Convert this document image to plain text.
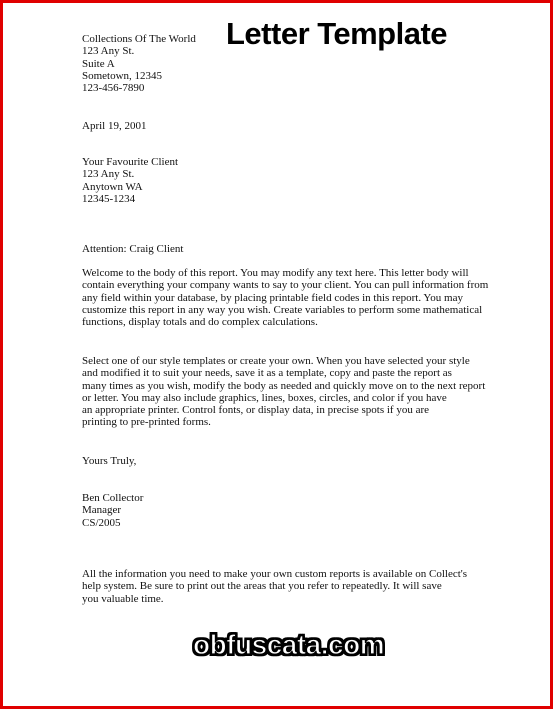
Letter Template
Collections Of The World
123 Any St.
Suite A
Sometown, 12345
123-456-7890
April 19, 2001
Your Favourite Client
123 Any St.
Anytown WA
12345-1234
Attention: Craig Client
Welcome to the body of this report. You may modify any text here. This letter body will
contain everything your company wants to say to your client. You can pull information from
any field within your database, by placing printable field codes in this report. You may
customize this report in any way you wish. Create variables to perform some mathematical
functions, display totals and do complex calculations.
Select one of our style templates or create your own. When you have selected your style
and modified it to suit your needs, save it as a template, copy and paste the report as
many times as you wish, modify the body as needed and quickly move on to the next report
or letter. You may also include graphics, lines, boxes, circles, and color if you have
an appropriate printer. Control fonts, or display data, in precise spots if you are
printing to pre-printed forms.
Yours Truly,
Ben Collector
Manager
CS/2005
All the information you need to make your own custom reports is available on Collect's
help system. Be sure to print out the areas that you refer to repeatedly. It will save
you valuable time.
obfuscata.com
